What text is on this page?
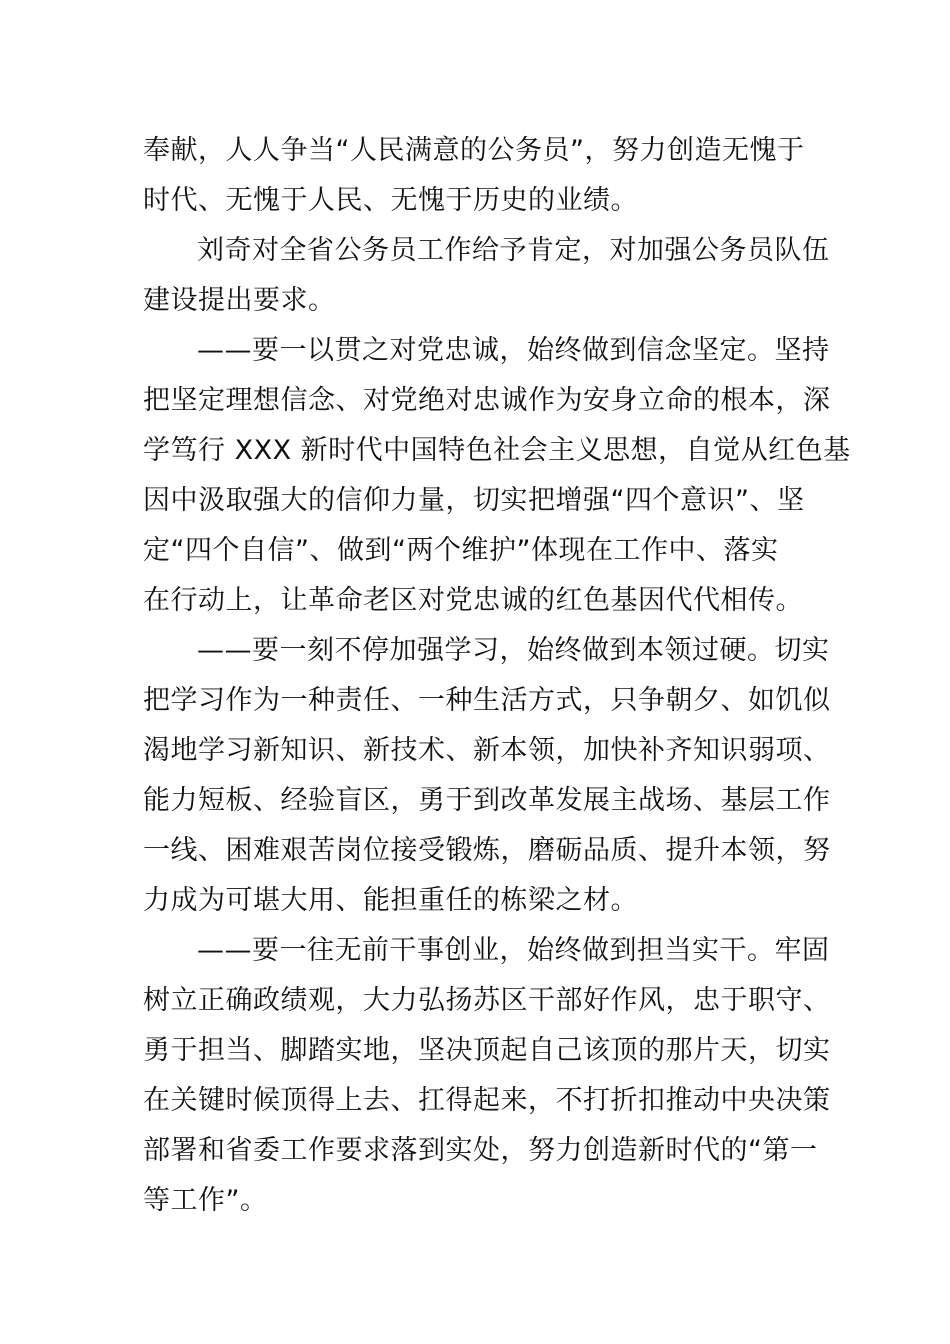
奉献，人人争当“人民满意的公务员”，努力创造无愧于
时代、无愧于人民、无愧于历史的业绩。

刘奇对全省公务员工作给予肯定，对加强公务员队伍
建设提出要求。

——要一以贯之对党忠诚，始终做到信念坚定。坚持
把坚定理想信念、对党绝对忠诚作为安身立命的根本，深
学笃行 XXX 新时代中国特色社会主义思想，自觉从红色基
因中汲取强大的信仰力量，切实把增强“四个意识”、坚
定“四个自信”、做到“两个维护”体现在工作中、落实
在行动上，让革命老区对党忠诚的红色基因代代相传。

——要一刻不停加强学习，始终做到本领过硬。切实
把学习作为一种责任、一种生活方式，只争朝夕、如饥似
渴地学习新知识、新技术、新本领，加快补齐知识弱项、
能力短板、经验盲区，勇于到改革发展主战场、基层工作
一线、困难艰苦岗位接受锻炼，磨砺品质、提升本领，努
力成为可堪大用、能担重任的栋梁之材。

——要一往无前干事创业，始终做到担当实干。牢固
树立正确政绩观，大力弘扬苏区干部好作风，忠于职守、
勇于担当、脚踏实地，坚决顶起自己该顶的那片天，切实
在关键时候顶得上去、扛得起来，不打折扣推动中央决策
部署和省委工作要求落到实处，努力创造新时代的“第一
等工作”。
